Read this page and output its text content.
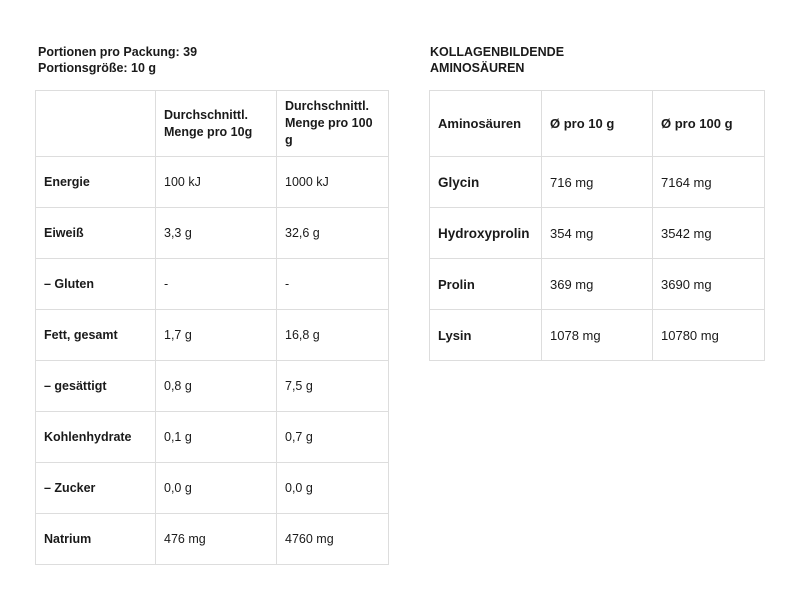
Portionen pro Packung: 39
Portionsgröße: 10 g
KOLLAGENBILDENDE
AMINOSÄUREN
	Durchschnittl. Menge pro 10g	Durchschnittl. Menge pro 100 g
Energie	100 kJ	1000 kJ
Eiweiß	3,3 g	32,6 g
– Gluten	-	-
Fett, gesamt	1,7 g	16,8 g
– gesättigt	0,8 g	7,5 g
Kohlenhydrate	0,1 g	0,7 g
– Zucker	0,0 g	0,0 g
Natrium	476 mg	4760 mg
Aminosäuren	Ø pro 10 g	Ø pro 100 g
Glycin	716 mg	7164 mg
Hydroxyprolin	354 mg	3542 mg
Prolin	369 mg	3690 mg
Lysin	1078 mg	10780 mg
